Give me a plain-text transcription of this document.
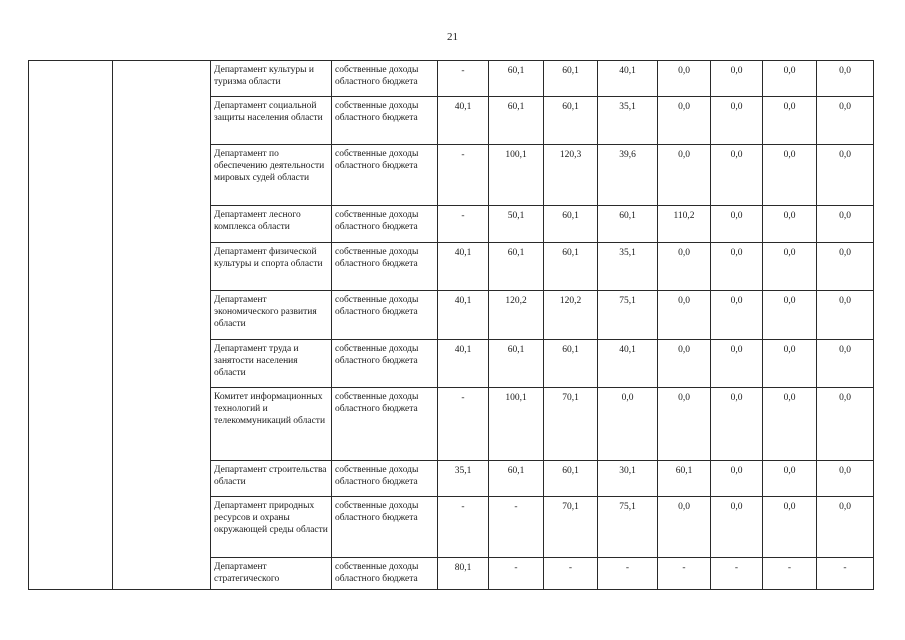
21
		Департамент культуры и туризма области	собственные доходы областного бюджета	-	60,1	60,1	40,1	0,0	0,0	0,0	0,0
		Департамент социальной защиты населения области	собственные доходы областного бюджета	40,1	60,1	60,1	35,1	0,0	0,0	0,0	0,0
		Департамент по обеспечению деятельности мировых судей области	собственные доходы областного бюджета	-	100,1	120,3	39,6	0,0	0,0	0,0	0,0
		Департамент лесного комплекса области	собственные доходы областного бюджета	-	50,1	60,1	60,1	110,2	0,0	0,0	0,0
		Департамент физической культуры и спорта области	собственные доходы областного бюджета	40,1	60,1	60,1	35,1	0,0	0,0	0,0	0,0
		Департамент экономического развития области	собственные доходы областного бюджета	40,1	120,2	120,2	75,1	0,0	0,0	0,0	0,0
		Департамент труда и занятости населения области	собственные доходы областного бюджета	40,1	60,1	60,1	40,1	0,0	0,0	0,0	0,0
		Комитет информационных технологий и телекоммуникаций области	собственные доходы областного бюджета	-	100,1	70,1	0,0	0,0	0,0	0,0	0,0
		Департамент строительства области	собственные доходы областного бюджета	35,1	60,1	60,1	30,1	60,1	0,0	0,0	0,0
		Департамент природных ресурсов и охраны окружающей среды области	собственные доходы областного бюджета	-	-	70,1	75,1	0,0	0,0	0,0	0,0
		Департамент стратегического	собственные доходы областного бюджета	80,1	-	-	-	-	-	-	-
